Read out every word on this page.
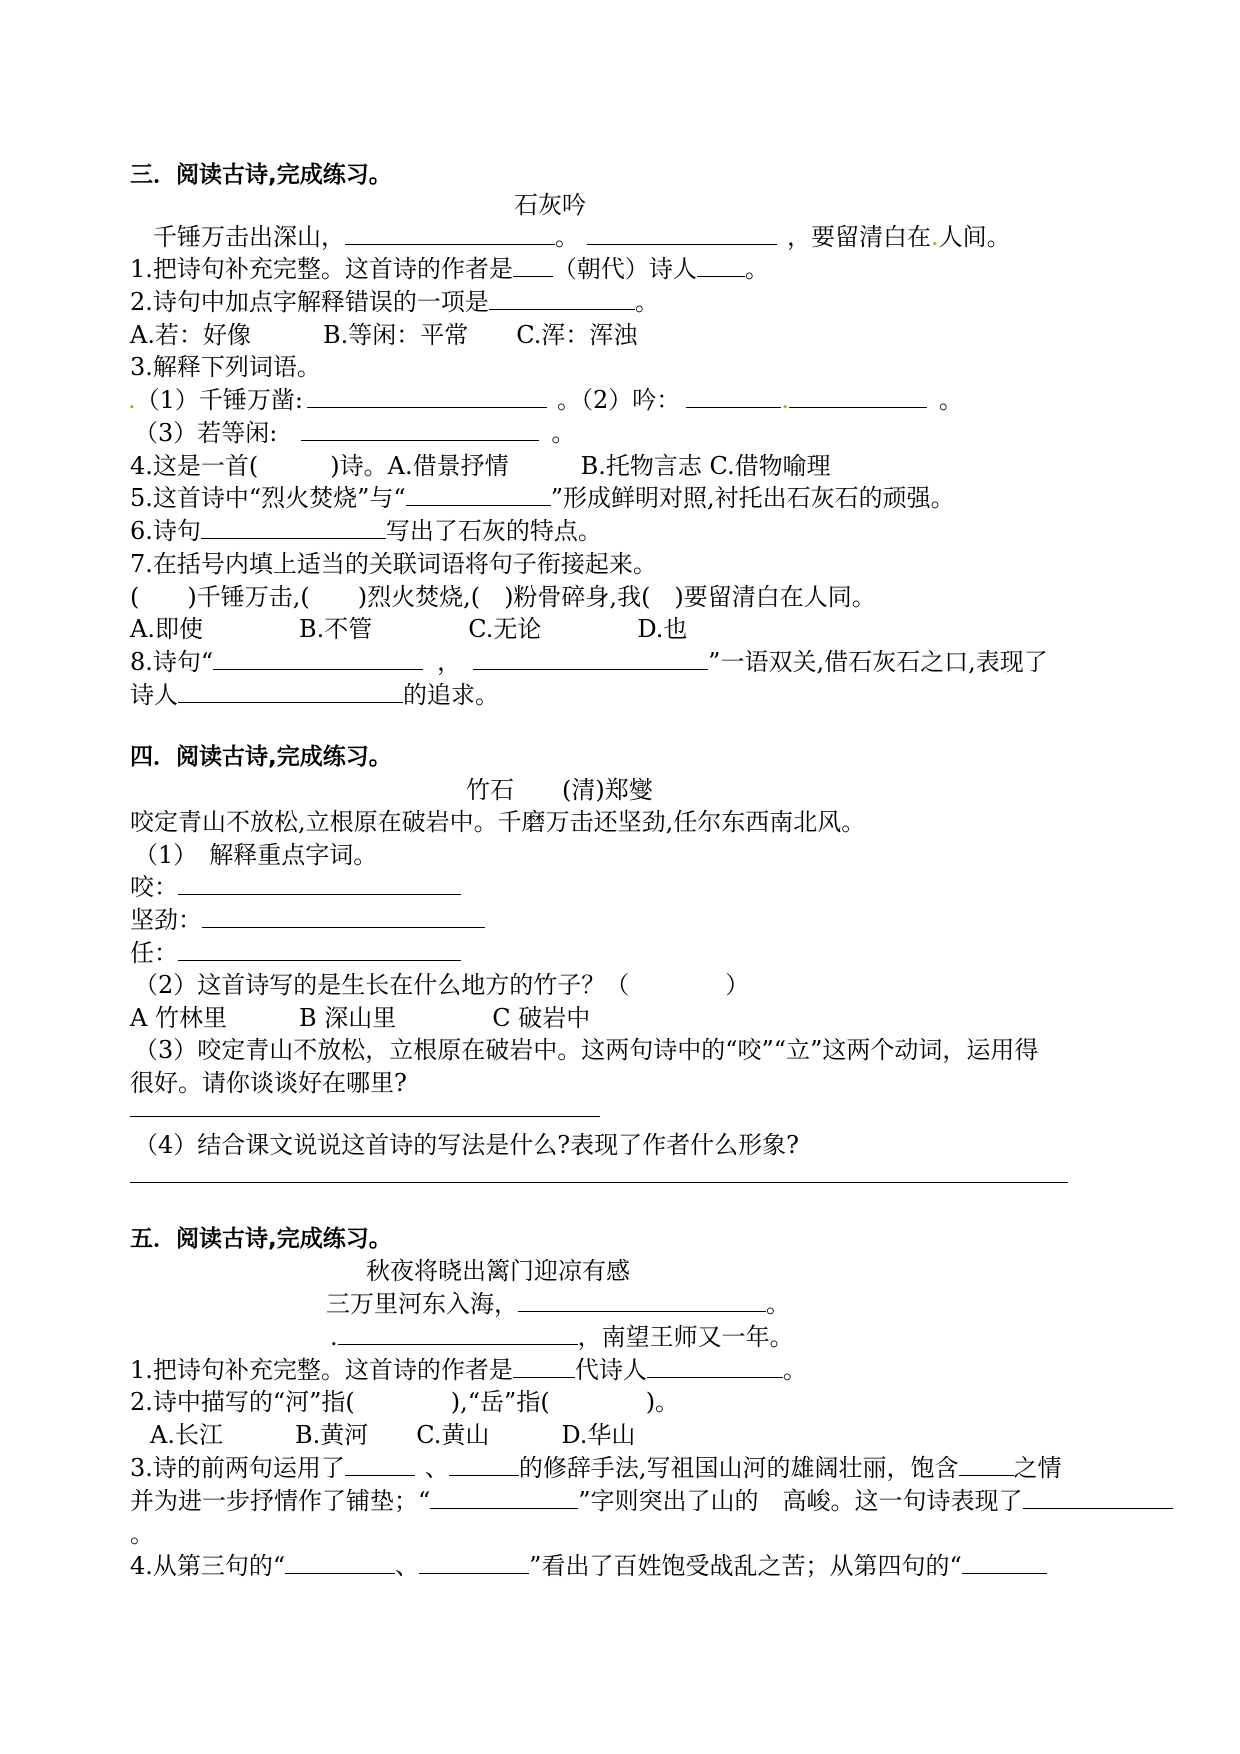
三．阅读古诗,完成练习。
石灰吟
千锤万击出深山，	。	，要留清白在.人间。
1.把诗句补充完整。这首诗的作者是 （朝代）诗人 。
2.诗句中加点字解释错误的一项是	。
A.若：好像　　　B.等闲：平常　　C.浑：浑浊
3.解释下列词语。
.（1）千锤万凿:	。（2）吟：	.	。
（3）若等闲:	。
4.这是一首(　　　)诗。A.借景抒情　　　B.托物言志 C.借物喻理
5.这首诗中“烈火焚烧”与“	”形成鲜明对照,衬托出石灰石的顽强。
6.诗句	写出了石灰的特点。
7.在括号内填上适当的关联词语将句子衔接起来。
(　　)千锤万击,(　　)烈火焚烧,(　)粉骨碎身,我(　)要留清白在人同。
A.即使　　　　B.不管　　　　C.无论　　　　D.也
8.诗句“	，	”一语双关,借石灰石之口,表现了
诗人	的追求。
四．阅读古诗,完成练习。
竹石　　(清)郑燮
咬定青山不放松,立根原在破岩中。千磨万击还坚劲,任尔东西南北风。
（1）　解释重点字词。
咬：
坚劲：
任：
（2）这首诗写的是生长在什么地方的竹子？（　　　　）
A 竹林里　　　B 深山里　　　　C 破岩中
（3）咬定青山不放松，立根原在破岩中。这两句诗中的“咬”“立”这两个动词，运用得
很好。请你谈谈好在哪里?
（4）结合课文说说这首诗的写法是什么?表现了作者什么形象?
五．阅读古诗,完成练习。
秋夜将晓出篱门迎凉有感
三万里河东入海，	。
.	，南望王师又一年。
1.把诗句补充完整。这首诗的作者是	代诗人	。
2.诗中描写的“河”指(　　　　),“岳”指(　　　　)。
A.长江　　　B.黄河　　C.黄山　　　D.华山
3.诗的前两句运用了	、	的修辞手法,写祖国山河的雄阔壮丽，饱含 之情
并为进一步抒情作了铺垫；“	”字则突出了山的　高峻。这一句诗表现了
。
4.从第三句的“	、	”看出了百姓饱受战乱之苦；从第四句的“
